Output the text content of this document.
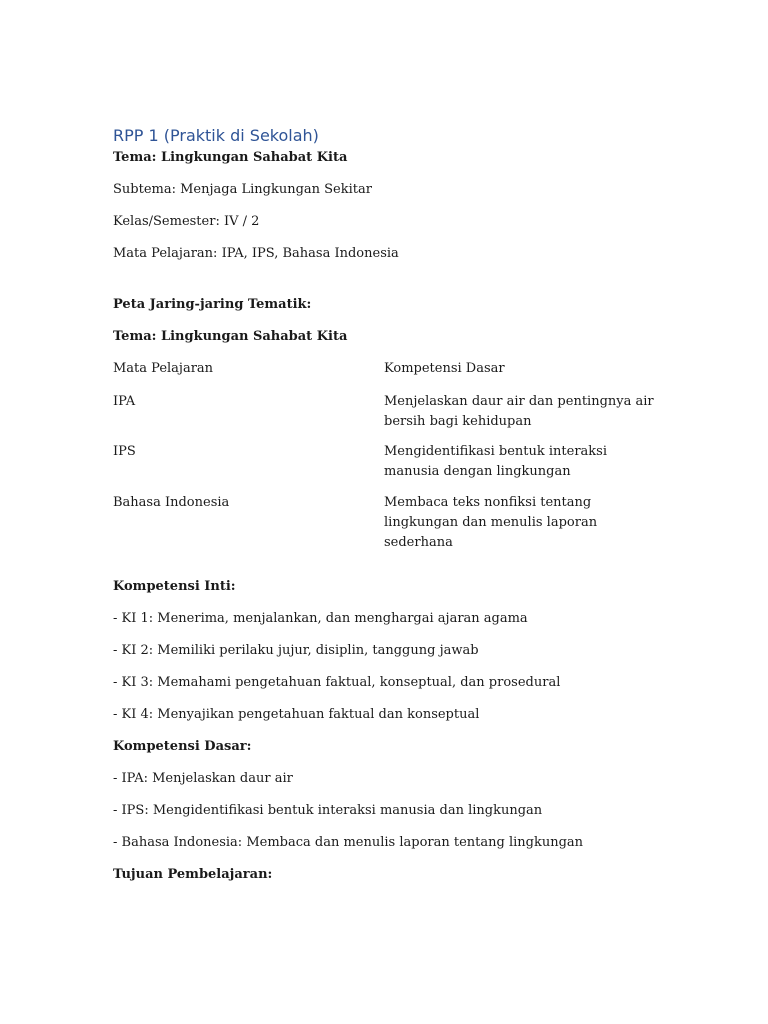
RPP 1 (Praktik di Sekolah)
Tema: Lingkungan Sahabat Kita
Subtema: Menjaga Lingkungan Sekitar
Kelas/Semester: IV / 2
Mata Pelajaran: IPA, IPS, Bahasa Indonesia
Peta Jaring-jaring Tematik:
Tema: Lingkungan Sahabat Kita
Mata Pelajaran	Kompetensi Dasar
IPA	Menjelaskan daur air dan pentingnya air bersih bagi kehidupan
IPS	Mengidentifikasi bentuk interaksi manusia dengan lingkungan
Bahasa Indonesia	Membaca teks nonfiksi tentang lingkungan dan menulis laporan sederhana
Kompetensi Inti:
- KI 1: Menerima, menjalankan, dan menghargai ajaran agama
- KI 2: Memiliki perilaku jujur, disiplin, tanggung jawab
- KI 3: Memahami pengetahuan faktual, konseptual, dan prosedural
- KI 4: Menyajikan pengetahuan faktual dan konseptual
Kompetensi Dasar:
- IPA: Menjelaskan daur air
- IPS: Mengidentifikasi bentuk interaksi manusia dan lingkungan
- Bahasa Indonesia: Membaca dan menulis laporan tentang lingkungan
Tujuan Pembelajaran:
